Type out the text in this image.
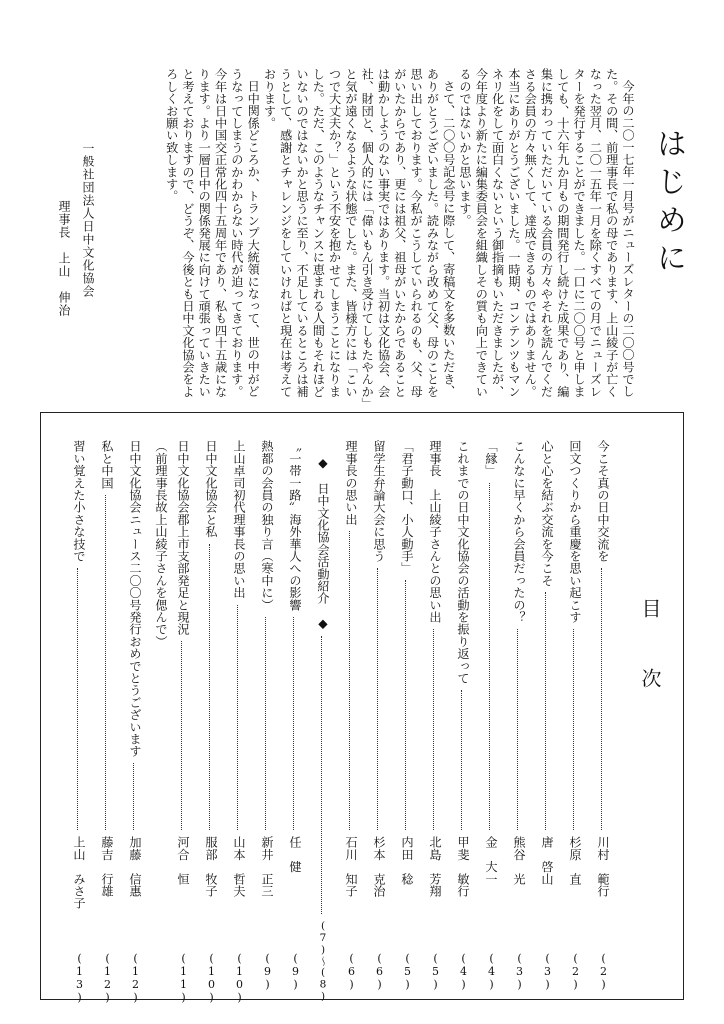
はじめに

今年の二〇一七年一月号がニューズレターの二〇〇号でした。その間、前理事長で私の母であります、上山綾子が亡くなった翌月、二〇一五年一月を除くすべての月でニューズレターを発行することができました。一口に二〇〇号と申しましても、十六年九か月もの期間発行し続けた成果であり、編集に携わっていただいている会員の方々やそれを読んでくださる会員の方々無くして、達成できるものではありません。本当にありがとうございました。一時期、コンテンツもマンネリ化をして面白くないという御指摘もいただきましたが、今年度より新たに編集委員会を組織しその質も向上できているのではないかと思います。

さて、二〇〇号記念号に際して、寄稿文を多数いただき、ありがとうございました。読みながら改めて父、母のことを思い出しております。今私がこうしていられるのも、父、母がいたからであり、更には祖父、祖母がいたからであることは動かしようのない事実ではあります。当初は文化協会、会社、財団と、個人的には「偉いもん引き受けてしもたやんか」と気が遠くなるような状態でした。また、皆様方には「こいつで大丈夫か？」という不安を抱かせてしまうことになりました。ただ、このようなチャンスに恵まれる人間もそれほどいないのではないかと思うに至り、不足しているところは補うとして、感謝とチャレンジをしていければと現在は考えております。

日中関係どころか、トランプ大統領になって、世の中がどうなってしまうのかわからない時代が迫ってきております。今年は日中国交正常化四十五周年であり、私も四十五歳になります。より一層日中の関係発展に向けて頑張っていきたいと考えておりますので、どうぞ、今後とも日中文化協会をよろしくお願い致します。

一般社団法人日中文化協会
理事長　上山　伸治
目
次
今こそ真の日中交流を
川村　範行
(2)
回文つくりから重慶を思い起こす
杉原　直
(2)
心と心を結ぶ交流を今こそ
唐　啓山
(3)
こんなに早くから会員だったの？
熊谷　光
(3)
「縁」
金　大一
(4)
これまでの日中文化協会の活動を振り返って
甲斐　敏行
(4)
理事長　上山綾子さんとの思い出
北島　芳翔
(5)
「君子動口、小人動手」
内田　稔
(5)
留学生弁論大会に思う
杉本　克治
(6)
理事長の思い出
石川　知子
(6)
◆　日中文化協会活動紹介　◆
(7)～(8)
〝一帯一路〟海外華人への影響
任　健
(9)
熱都の会員の独り言（寒中に）
新井　正三
(9)
上山卓司初代理事長の思い出
山本　哲夫
(10)
日中文化協会と私
服部　牧子
(10)
日中文化協会郡上市支部発足と現況
河合　恒
(11)
（前理事長故上山綾子さんを偲んで）
日中文化協会ニュース二〇〇号発行おめでとうございます
加藤　信惠
(12)
私と中国
藤吉　行雄
(12)
習い覚えた小さな技で
上山　みさ子
(13)
